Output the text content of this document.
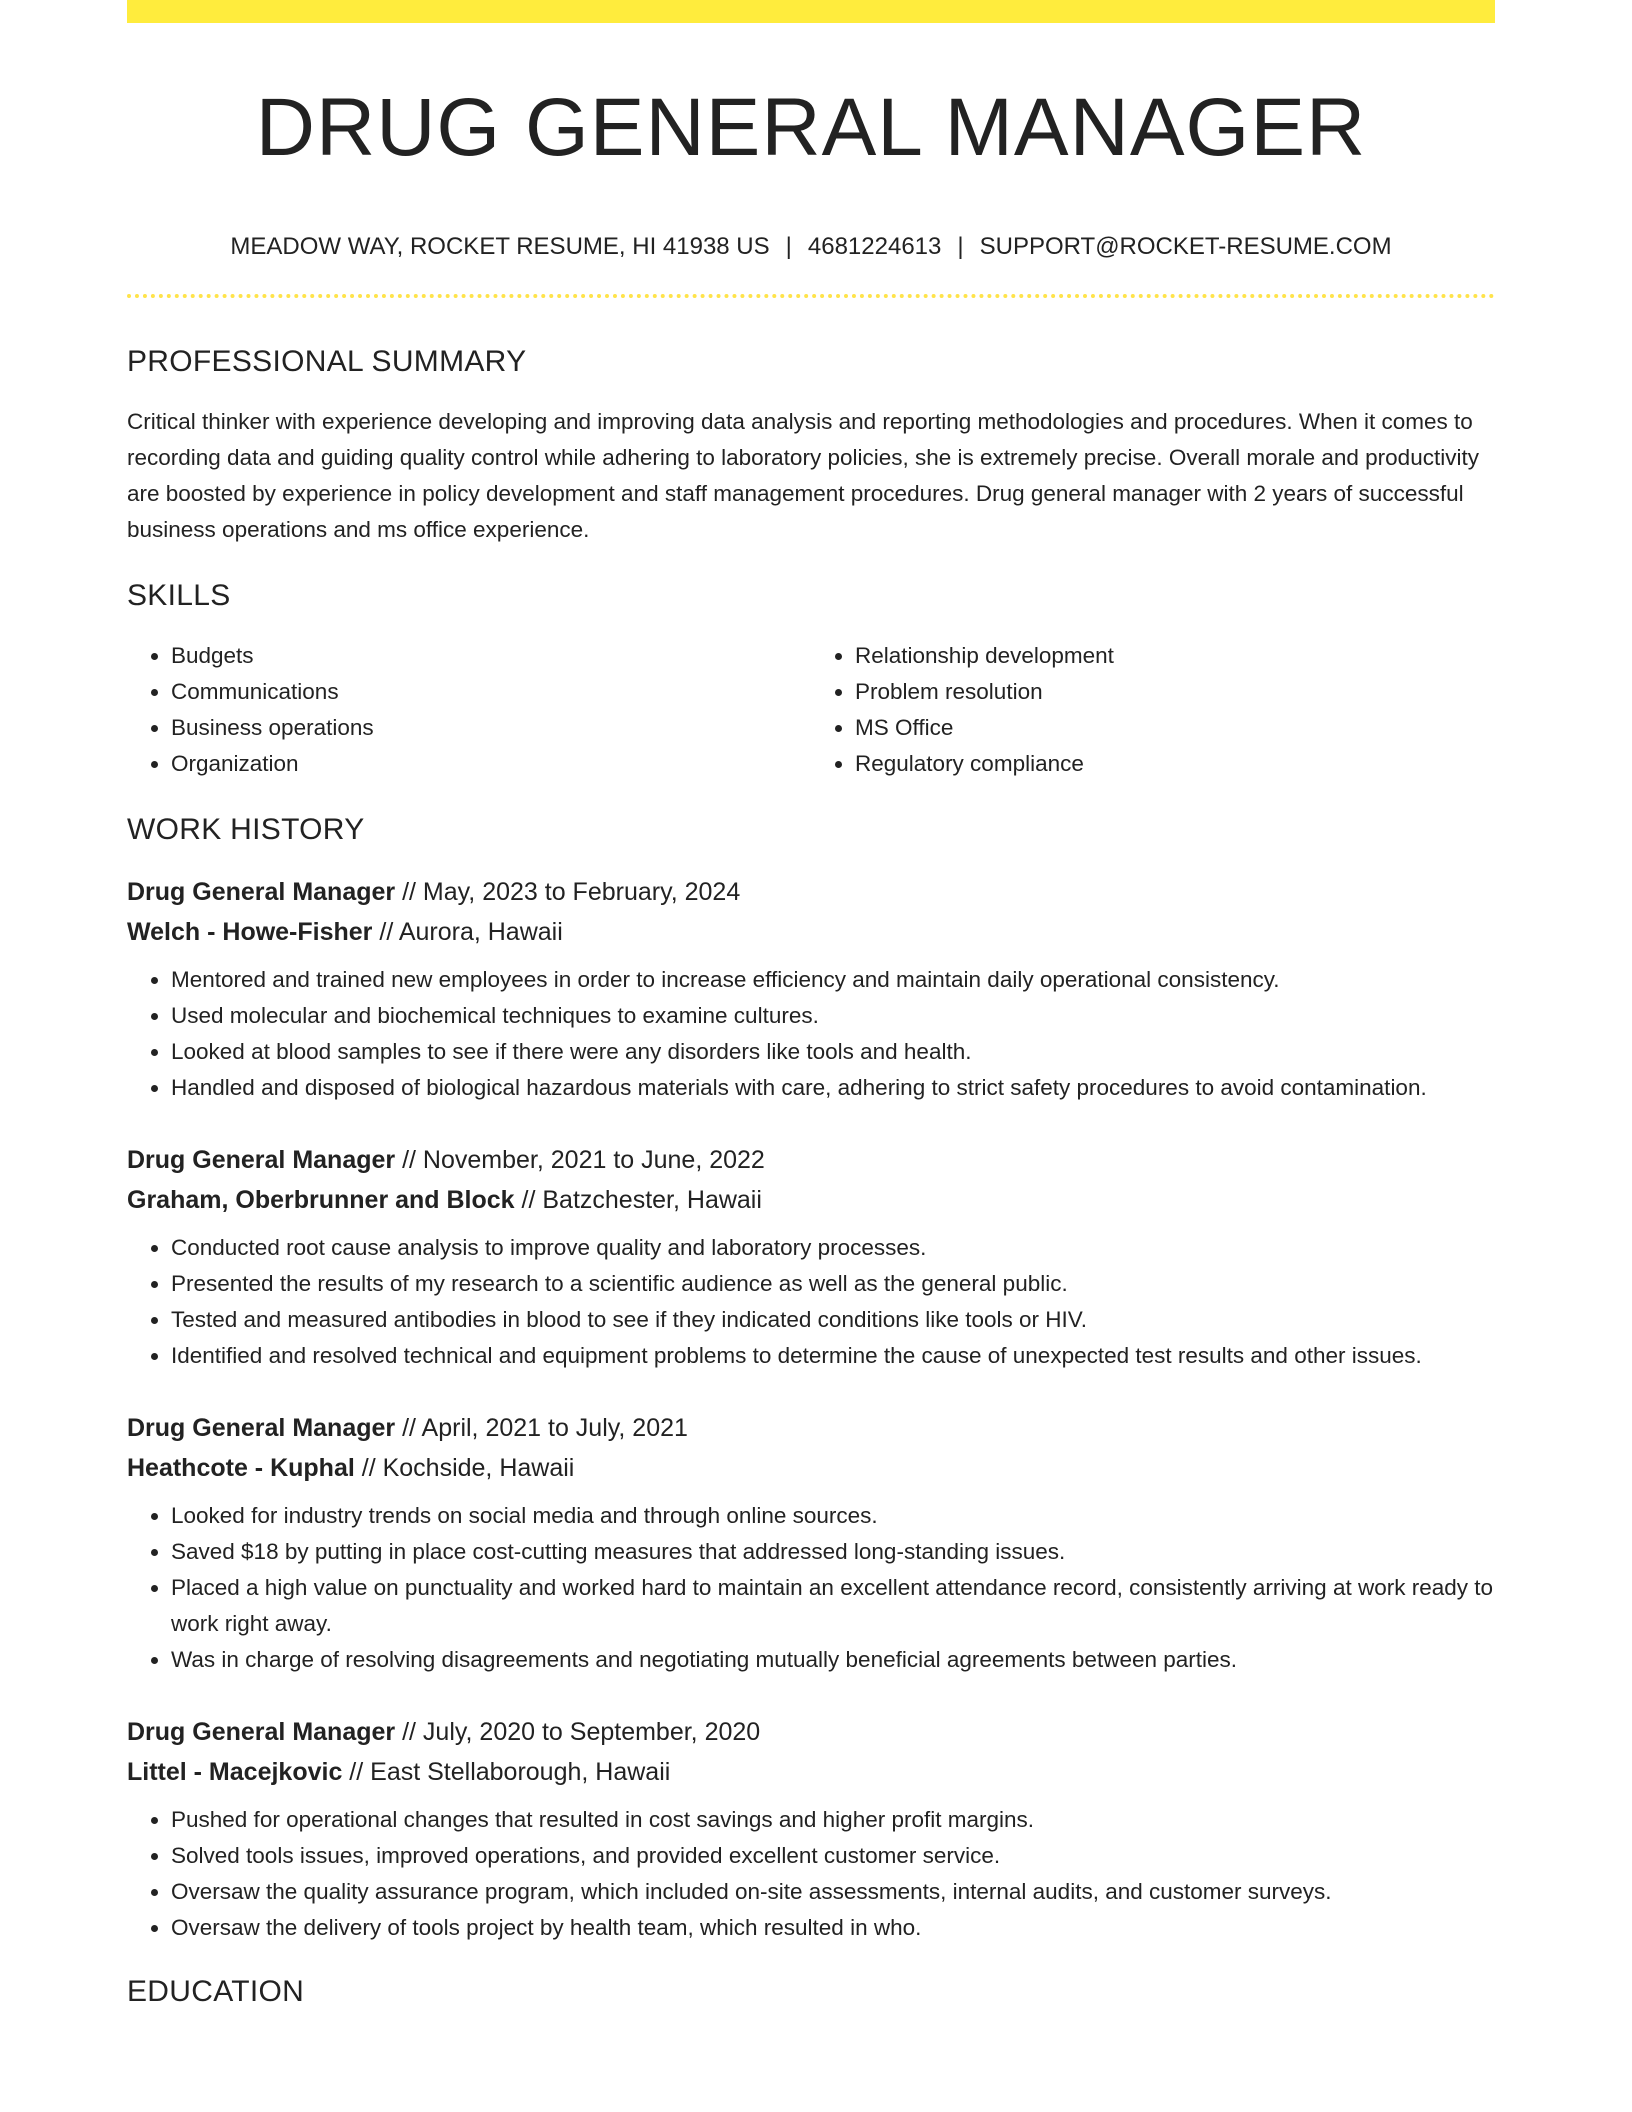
DRUG GENERAL MANAGER
MEADOW WAY, ROCKET RESUME, HI 41938 US | 4681224613 | SUPPORT@ROCKET-RESUME.COM
PROFESSIONAL SUMMARY

Critical thinker with experience developing and improving data analysis and reporting methodologies and procedures. When it comes to recording data and guiding quality control while adhering to laboratory policies, she is extremely precise. Overall morale and productivity are boosted by experience in policy development and staff management procedures. Drug general manager with 2 years of successful business operations and ms office experience.

SKILLS
• Budgets
• Communications
• Business operations
• Organization
• Relationship development
• Problem resolution
• MS Office
• Regulatory compliance
WORK HISTORY
Drug General Manager // May, 2023 to February, 2024
Welch - Howe-Fisher // Aurora, Hawaii
• Mentored and trained new employees in order to increase efficiency and maintain daily operational consistency.
• Used molecular and biochemical techniques to examine cultures.
• Looked at blood samples to see if there were any disorders like tools and health.
• Handled and disposed of biological hazardous materials with care, adhering to strict safety procedures to avoid contamination.
Drug General Manager // November, 2021 to June, 2022
Graham, Oberbrunner and Block // Batzchester, Hawaii
• Conducted root cause analysis to improve quality and laboratory processes.
• Presented the results of my research to a scientific audience as well as the general public.
• Tested and measured antibodies in blood to see if they indicated conditions like tools or HIV.
• Identified and resolved technical and equipment problems to determine the cause of unexpected test results and other issues.
Drug General Manager // April, 2021 to July, 2021
Heathcote - Kuphal // Kochside, Hawaii
• Looked for industry trends on social media and through online sources.
• Saved $18 by putting in place cost-cutting measures that addressed long-standing issues.
• Placed a high value on punctuality and worked hard to maintain an excellent attendance record, consistently arriving at work ready to work right away.
• Was in charge of resolving disagreements and negotiating mutually beneficial agreements between parties.
Drug General Manager // July, 2020 to September, 2020
Littel - Macejkovic // East Stellaborough, Hawaii
• Pushed for operational changes that resulted in cost savings and higher profit margins.
• Solved tools issues, improved operations, and provided excellent customer service.
• Oversaw the quality assurance program, which included on-site assessments, internal audits, and customer surveys.
• Oversaw the delivery of tools project by health team, which resulted in who.
EDUCATION
